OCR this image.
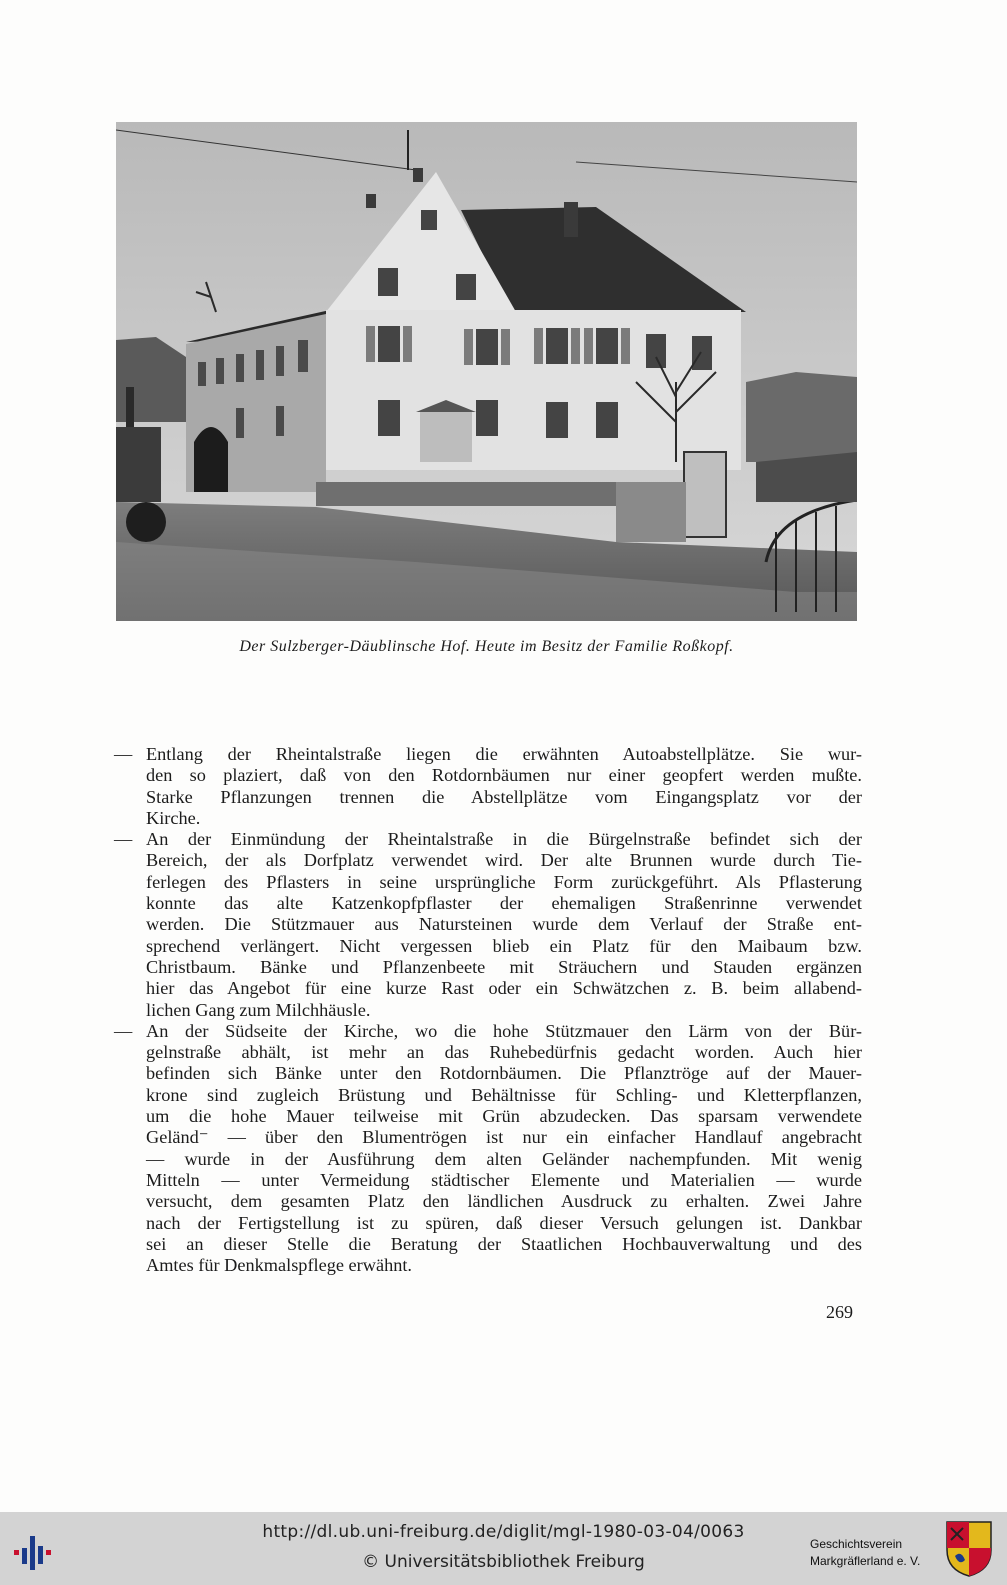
Der Sulzberger-Däublinsche Hof. Heute im Besitz der Familie Roßkopf.
— Entlang der Rheintalstraße liegen die erwähnten Autoabstellplätze. Sie wur-
den so plaziert, daß von den Rotdornbäumen nur einer geopfert werden mußte.
Starke Pflanzungen trennen die Abstellplätze vom Eingangsplatz vor der
Kirche.
— An der Einmündung der Rheintalstraße in die Bürgelnstraße befindet sich der
Bereich, der als Dorfplatz verwendet wird. Der alte Brunnen wurde durch Tie-
ferlegen des Pflasters in seine ursprüngliche Form zurückgeführt. Als Pflasterung
konnte das alte Katzenkopfpflaster der ehemaligen Straßenrinne verwendet
werden. Die Stützmauer aus Natursteinen wurde dem Verlauf der Straße ent-
sprechend verlängert. Nicht vergessen blieb ein Platz für den Maibaum bzw.
Christbaum. Bänke und Pflanzenbeete mit Sträuchern und Stauden ergänzen
hier das Angebot für eine kurze Rast oder ein Schwätzchen z. B. beim allabend-
lichen Gang zum Milchhäusle.
— An der Südseite der Kirche, wo die hohe Stützmauer den Lärm von der Bür-
gelnstraße abhält, ist mehr an das Ruhebedürfnis gedacht worden. Auch hier
befinden sich Bänke unter den Rotdornbäumen. Die Pflanztröge auf der Mauer-
krone sind zugleich Brüstung und Behältnisse für Schling- und Kletterpflanzen,
um die hohe Mauer teilweise mit Grün abzudecken. Das sparsam verwendete
Geländ⁻ — über den Blumentrögen ist nur ein einfacher Handlauf angebracht
— wurde in der Ausführung dem alten Geländer nachempfunden. Mit wenig
Mitteln — unter Vermeidung städtischer Elemente und Materialien — wurde
versucht, dem gesamten Platz den ländlichen Ausdruck zu erhalten. Zwei Jahre
nach der Fertigstellung ist zu spüren, daß dieser Versuch gelungen ist. Dankbar
sei an dieser Stelle die Beratung der Staatlichen Hochbauverwaltung und des
Amtes für Denkmalspflege erwähnt.
269
http://dl.ub.uni-freiburg.de/diglit/mgl-1980-03-04/0063
© Universitätsbibliothek Freiburg
Geschichtsverein
Markgräflerland e. V.
